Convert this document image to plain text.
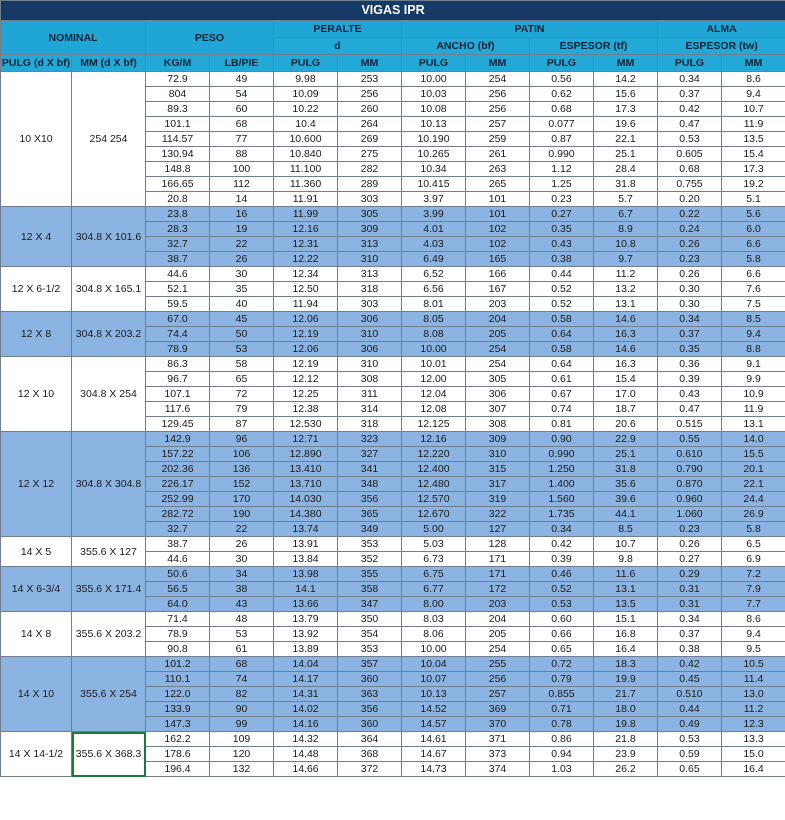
VIGAS IPR											
NOMINAL		PESO		PERALTE		PATIN				ALMA	
				d		ANCHO (bf)		ESPESOR (tf)		ESPESOR (tw)	
PULG (d X bf)	MM (d X bf)	KG/M	LB/PIE	PULG	MM	PULG	MM	PULG	MM	PULG	MM
10 X10	254 254	72.9	49	9.98	253	10.00	254	0.56	14.2	0.34	8.6
		804	54	10.09	256	10.03	256	0.62	15.6	0.37	9.4
		89.3	60	10.22	260	10.08	256	0.68	17.3	0.42	10.7
		101.1	68	10.4	264	10.13	257	0.077	19.6	0.47	11.9
		114.57	77	10.600	269	10.190	259	0.87	22.1	0.53	13.5
		130.94	88	10.840	275	10.265	261	0.990	25.1	0.605	15.4
		148.8	100	11.100	282	10.34	263	1.12	28.4	0.68	17.3
		166.65	112	11.360	289	10.415	265	1.25	31.8	0.755	19.2
		20.8	14	11.91	303	3.97	101	0.23	5.7	0.20	5.1
12 X 4	304.8 X 101.6	23.8	16	11.99	305	3.99	101	0.27	6.7	0.22	5.6
		28.3	19	12.16	309	4.01	102	0.35	8.9	0.24	6.0
		32.7	22	12.31	313	4.03	102	0.43	10.8	0.26	6.6
		38.7	26	12.22	310	6.49	165	0.38	9.7	0.23	5.8
12 X 6-1/2	304.8 X 165.1	44.6	30	12.34	313	6.52	166	0.44	11.2	0.26	6.6
		52.1	35	12.50	318	6.56	167	0.52	13.2	0.30	7.6
		59.5	40	11.94	303	8.01	203	0.52	13.1	0.30	7.5
12 X 8	304.8 X 203.2	67.0	45	12.06	306	8.05	204	0.58	14.6	0.34	8.5
		74.4	50	12.19	310	8.08	205	0.64	16.3	0.37	9.4
		78.9	53	12.06	306	10.00	254	0.58	14.6	0.35	8.8
12 X 10	304.8 X 254	86.3	58	12.19	310	10.01	254	0.64	16.3	0.36	9.1
		96.7	65	12.12	308	12.00	305	0.61	15.4	0.39	9.9
		107.1	72	12.25	311	12.04	306	0.67	17.0	0.43	10.9
		117.6	79	12.38	314	12.08	307	0.74	18.7	0.47	11.9
		129.45	87	12.530	318	12.125	308	0.81	20.6	0.515	13.1
12 X 12	304.8 X 304.8	142.9	96	12.71	323	12.16	309	0.90	22.9	0.55	14.0
		157.22	106	12.890	327	12.220	310	0.990	25.1	0.610	15.5
		202.36	136	13.410	341	12.400	315	1.250	31.8	0.790	20.1
		226.17	152	13.710	348	12.480	317	1.400	35.6	0.870	22.1
		252.99	170	14.030	356	12.570	319	1.560	39.6	0.960	24.4
		282.72	190	14.380	365	12.670	322	1.735	44.1	1.060	26.9
		32.7	22	13.74	349	5.00	127	0.34	8.5	0.23	5.8
14 X 5	355.6 X 127	38.7	26	13.91	353	5.03	128	0.42	10.7	0.26	6.5
		44.6	30	13.84	352	6.73	171	0.39	9.8	0.27	6.9
14 X 6-3/4	355.6 X 171.4	50.6	34	13.98	355	6.75	171	0.46	11.6	0.29	7.2
		56.5	38	14.1	358	6.77	172	0.52	13.1	0.31	7.9
		64.0	43	13.66	347	8.00	203	0.53	13.5	0.31	7.7
14 X 8	355.6 X 203.2	71.4	48	13.79	350	8.03	204	0.60	15.1	0.34	8.6
		78.9	53	13.92	354	8.06	205	0.66	16.8	0.37	9.4
		90.8	61	13.89	353	10.00	254	0.65	16.4	0.38	9.5
14 X 10	355.6 X 254	101.2	68	14.04	357	10.04	255	0.72	18.3	0.42	10.5
		110.1	74	14.17	360	10.07	256	0.79	19.9	0.45	11.4
		122.0	82	14.31	363	10.13	257	0.855	21.7	0.510	13.0
		133.9	90	14.02	356	14.52	369	0.71	18.0	0.44	11.2
		147.3	99	14.16	360	14.57	370	0.78	19.8	0.49	12.3
14 X 14-1/2	355.6 X 368.3	162.2	109	14.32	364	14.61	371	0.86	21.8	0.53	13.3
		178.6	120	14.48	368	14.67	373	0.94	23.9	0.59	15.0
		196.4	132	14.66	372	14.73	374	1.03	26.2	0.65	16.4
